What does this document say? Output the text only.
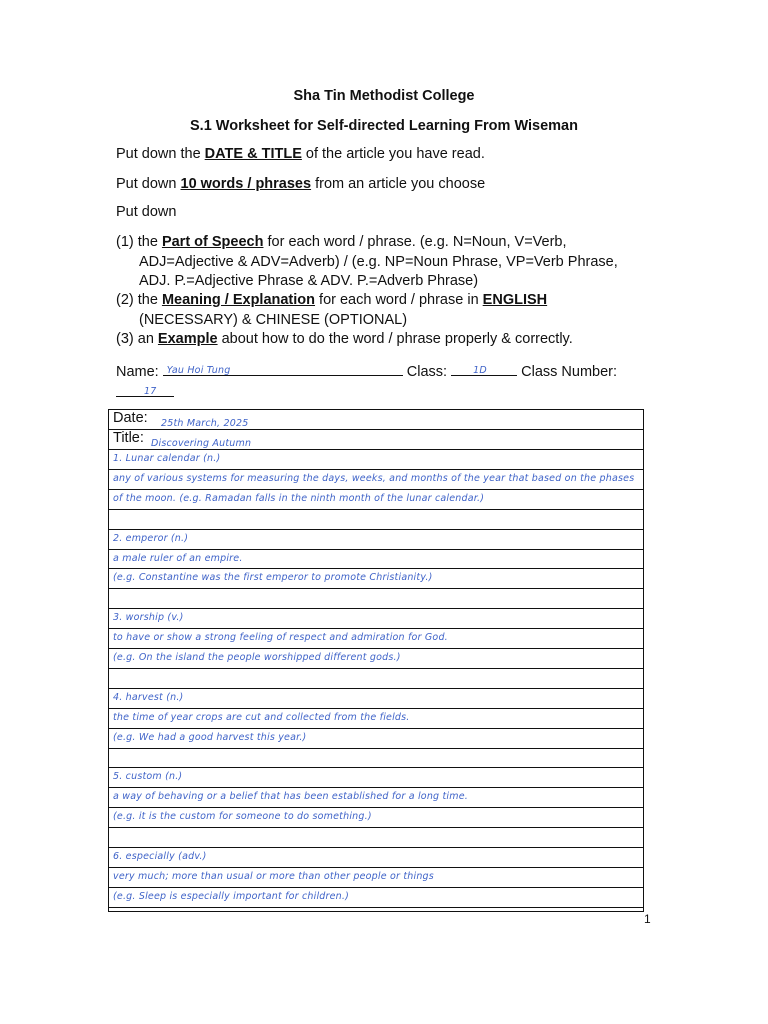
Sha Tin Methodist College
S.1 Worksheet for Self-directed Learning From Wiseman
Put down the DATE & TITLE of the article you have read.
Put down 10 words / phrases from an article you choose
Put down
(1) the Part of Speech for each word / phrase. (e.g. N=Noun, V=Verb,
ADJ=Adjective & ADV=Adverb) / (e.g. NP=Noun Phrase, VP=Verb Phrase,
ADJ. P.=Adjective Phrase & ADV. P.=Adverb Phrase)
(2) the Meaning / Explanation for each word / phrase in ENGLISH
(NECESSARY) & CHINESE (OPTIONAL)
(3) an Example about how to do the word / phrase properly & correctly.
Name: Yau Hoi Tung	Class:	1D Class Number:
17
Date:	25th March, 2025
Title: Discovering Autumn
1. Lunar calendar (n.)
any of various systems for measuring the days, weeks, and months of the year that based on the phases
of the moon. (e.g. Ramadan falls in the ninth month of the lunar calendar.)
2. emperor (n.)
a male ruler of an empire.
(e.g. Constantine was the first emperor to promote Christianity.)
3. worship (v.)
to have or show a strong feeling of respect and admiration for God.
(e.g. On the island the people worshipped different gods.)
4. harvest (n.)
the time of year crops are cut and collected from the fields.
(e.g. We had a good harvest this year.)
5. custom (n.)
a way of behaving or a belief that has been established for a long time.
(e.g. it is the custom for someone to do something.)
6. especially (adv.)
very much; more than usual or more than other people or things
(e.g. Sleep is especially important for children.)
1
